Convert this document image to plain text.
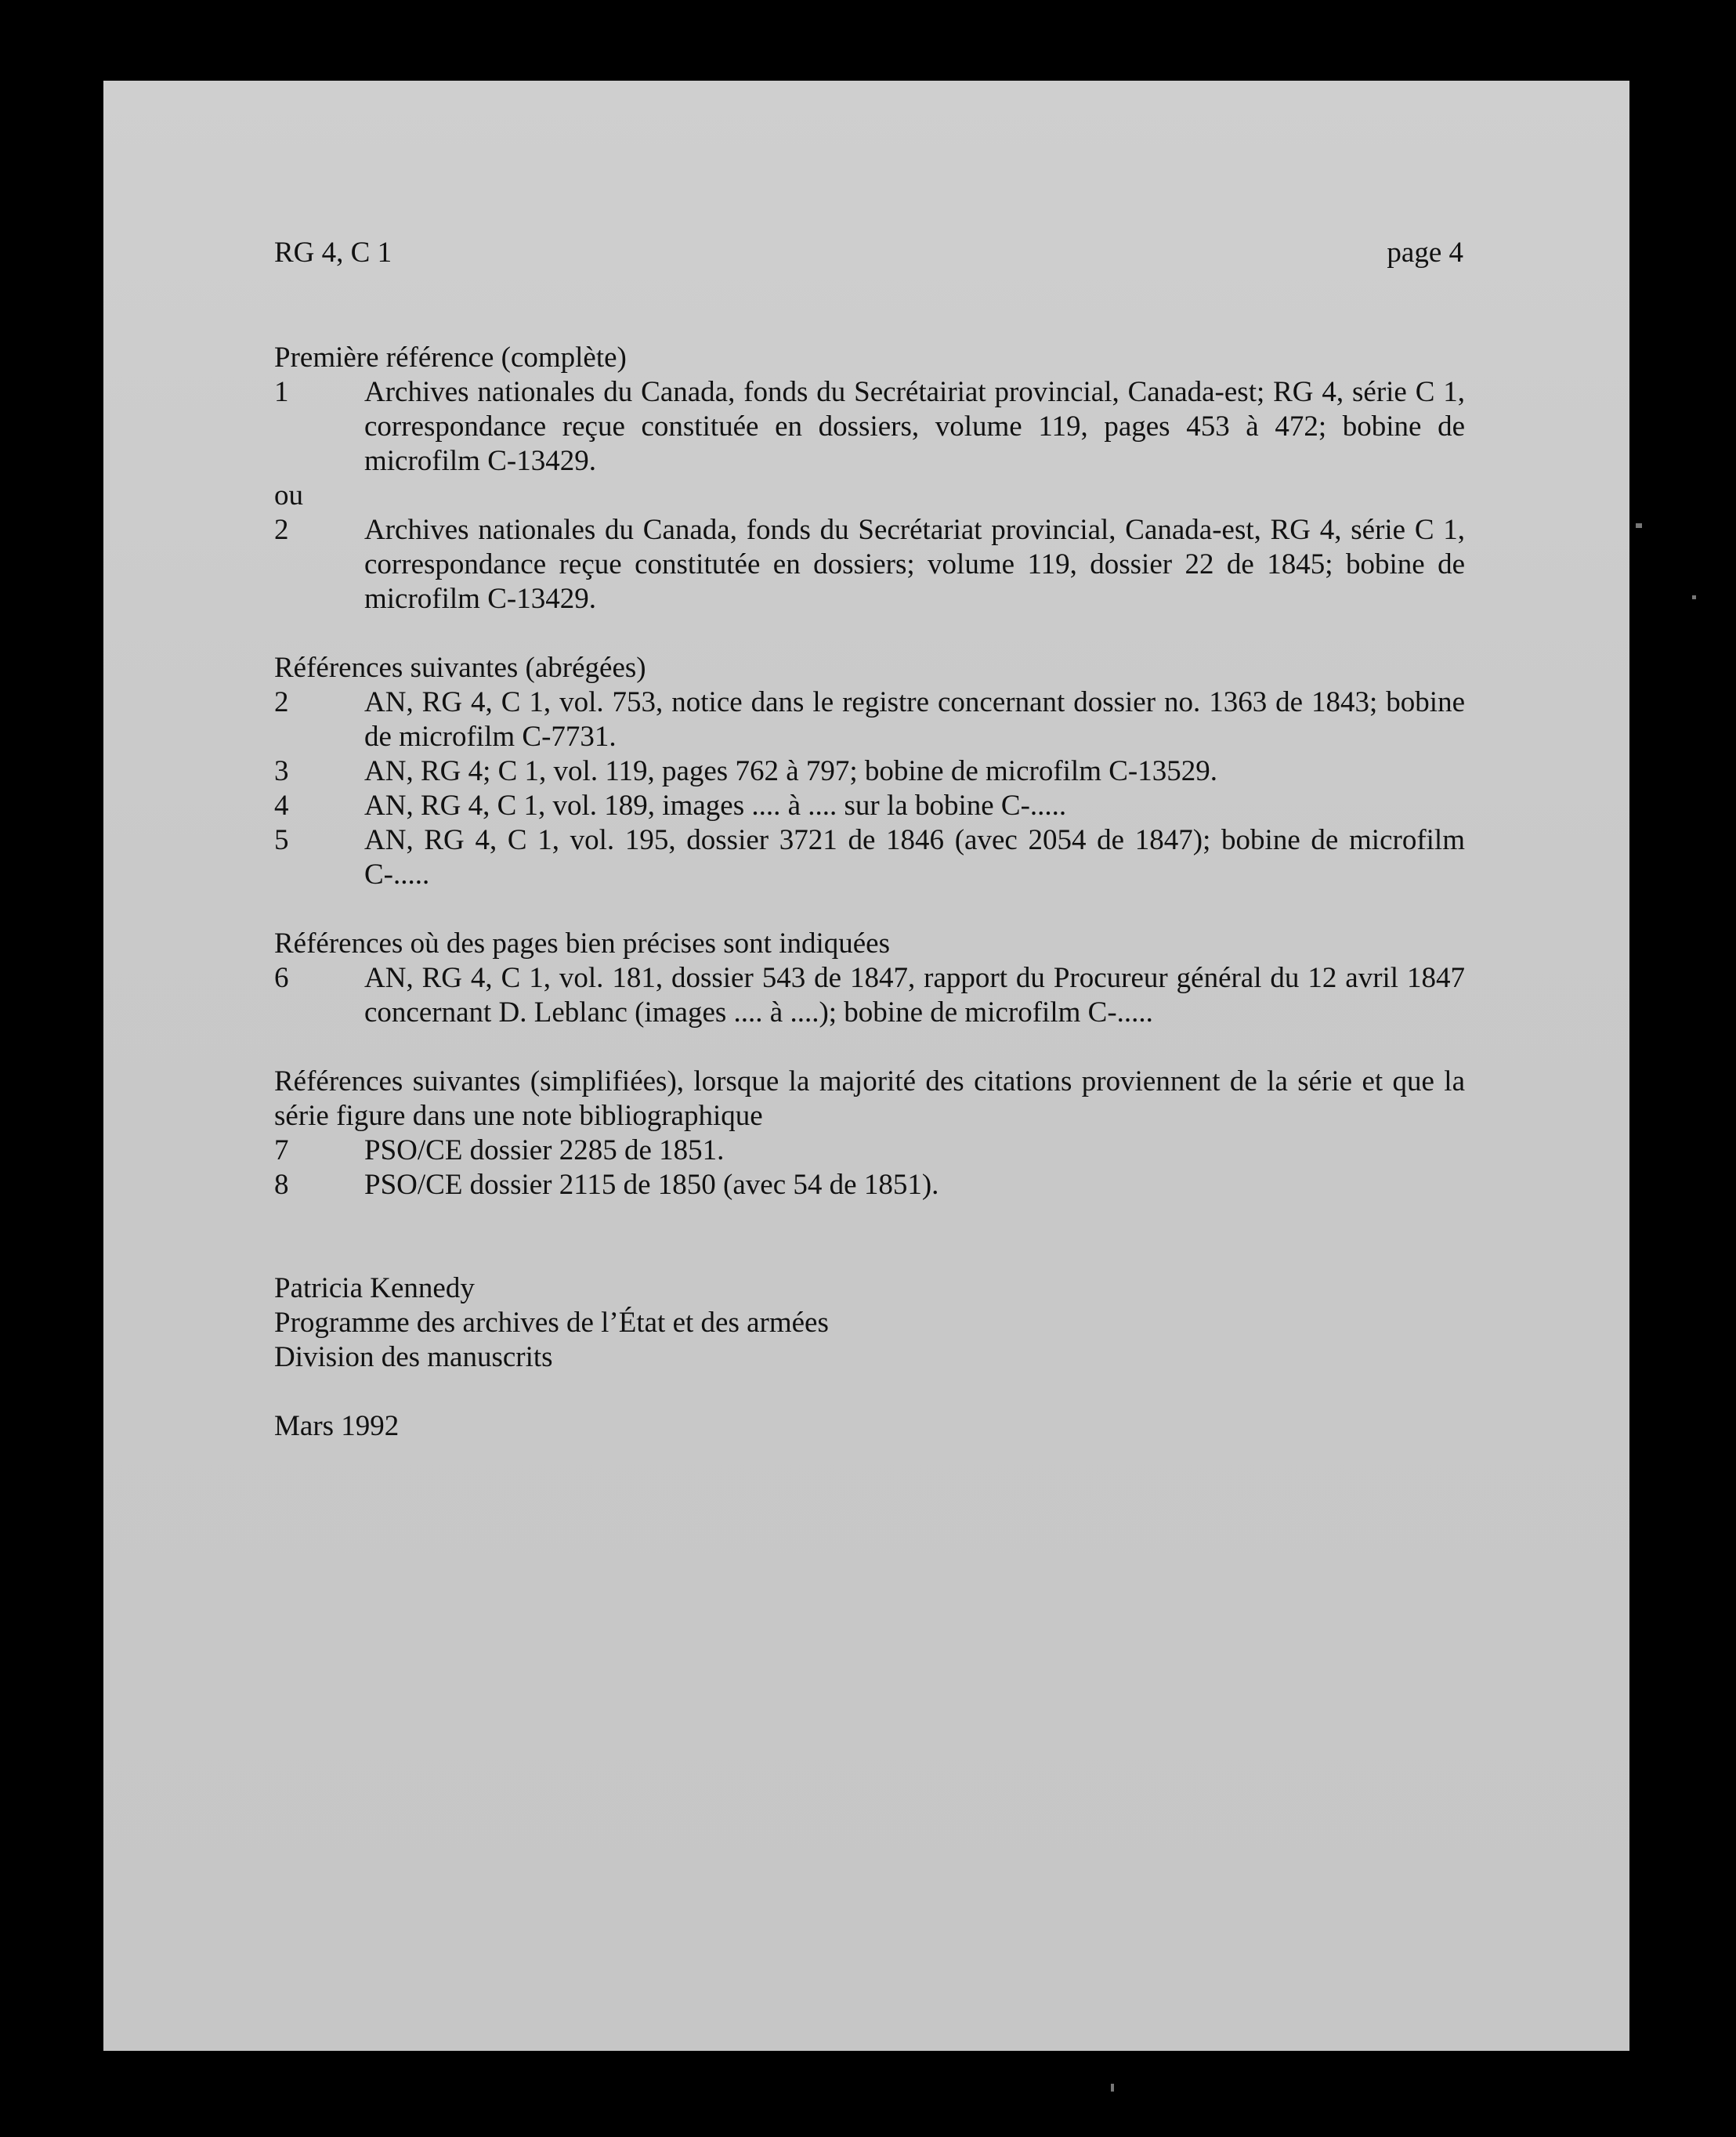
RG 4, C 1	page 4
Première référence (complète)
1	Archives nationales du Canada, fonds du Secrétairiat provincial, Canada-est; RG 4, série C 1, correspondance reçue constituée en dossiers, volume 119, pages 453 à 472; bobine de microfilm C-13429.
ou
2	Archives nationales du Canada, fonds du Secrétariat provincial, Canada-est, RG 4, série C 1, correspondance reçue constitutée en dossiers; volume 119, dossier 22 de 1845; bobine de microfilm C-13429.
Références suivantes (abrégées)
2	AN, RG 4, C 1, vol. 753, notice dans le registre concernant dossier no. 1363 de 1843; bobine de microfilm C-7731.
3	AN, RG 4; C 1, vol. 119, pages 762 à 797; bobine de microfilm C-13529.
4	AN, RG 4, C 1, vol. 189, images .... à .... sur la bobine C-.....
5	AN, RG 4, C 1, vol. 195, dossier 3721 de 1846 (avec 2054 de 1847); bobine de microfilm C-.....
Références où des pages bien précises sont indiquées
6	AN, RG 4, C 1, vol. 181, dossier 543 de 1847, rapport du Procureur général du 12 avril 1847 concernant D. Leblanc (images .... à ....); bobine de microfilm C-.....
Références suivantes (simplifiées), lorsque la majorité des citations proviennent de la série et que la série figure dans une note bibliographique
7	PSO/CE dossier 2285 de 1851.
8	PSO/CE dossier 2115 de 1850 (avec 54 de 1851).
Patricia Kennedy
Programme des archives de l’État et des armées
Division des manuscrits
Mars 1992
